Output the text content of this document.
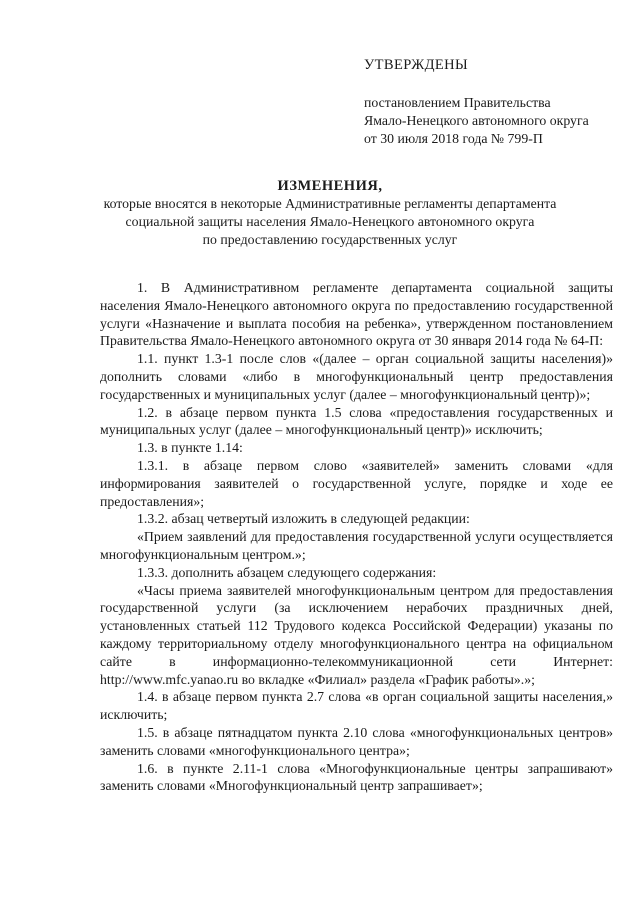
УТВЕРЖДЕНЫ
постановлением Правительства
Ямало-Ненецкого автономного округа
от 30 июля 2018 года № 799-П
ИЗМЕНЕНИЯ,
которые вносятся в некоторые Административные регламенты департамента
социальной защиты населения Ямало-Ненецкого автономного округа
по предоставлению государственных услуг

1. В Административном регламенте департамента социальной защиты населения Ямало-Ненецкого автономного округа по предоставлению государственной услуги «Назначение и выплата пособия на ребенка», утвержденном постановлением Правительства Ямало-Ненецкого автономного округа от 30 января 2014 года № 64-П:

1.1. пункт 1.3-1 после слов «(далее – орган социальной защиты населения)» дополнить словами «либо в многофункциональный центр предоставления государственных и муниципальных услуг (далее – многофункциональный центр)»;

1.2. в абзаце первом пункта 1.5 слова «предоставления государственных и муниципальных услуг (далее – многофункциональный центр)» исключить;

1.3. в пункте 1.14:

1.3.1. в абзаце первом слово «заявителей» заменить словами «для информирования заявителей о государственной услуге, порядке и ходе ее предоставления»;

1.3.2. абзац четвертый изложить в следующей редакции:

«Прием заявлений для предоставления государственной услуги осуществляется многофункциональным центром.»;

1.3.3. дополнить абзацем следующего содержания:

«Часы приема заявителей многофункциональным центром для предоставления государственной услуги (за исключением нерабочих праздничных дней, установленных статьей 112 Трудового кодекса Российской Федерации) указаны по каждому территориальному отделу многофункционального центра на официальном сайте в информационно-телекоммуникационной сети Интернет: http://www.mfc.yanao.ru во вкладке «Филиал» раздела «График работы».»;

1.4. в абзаце первом пункта 2.7 слова «в орган социальной защиты населения,» исключить;

1.5. в абзаце пятнадцатом пункта 2.10 слова «многофункциональных центров» заменить словами «многофункционального центра»;

1.6. в пункте 2.11-1 слова «Многофункциональные центры запрашивают» заменить словами «Многофункциональный центр запрашивает»;
